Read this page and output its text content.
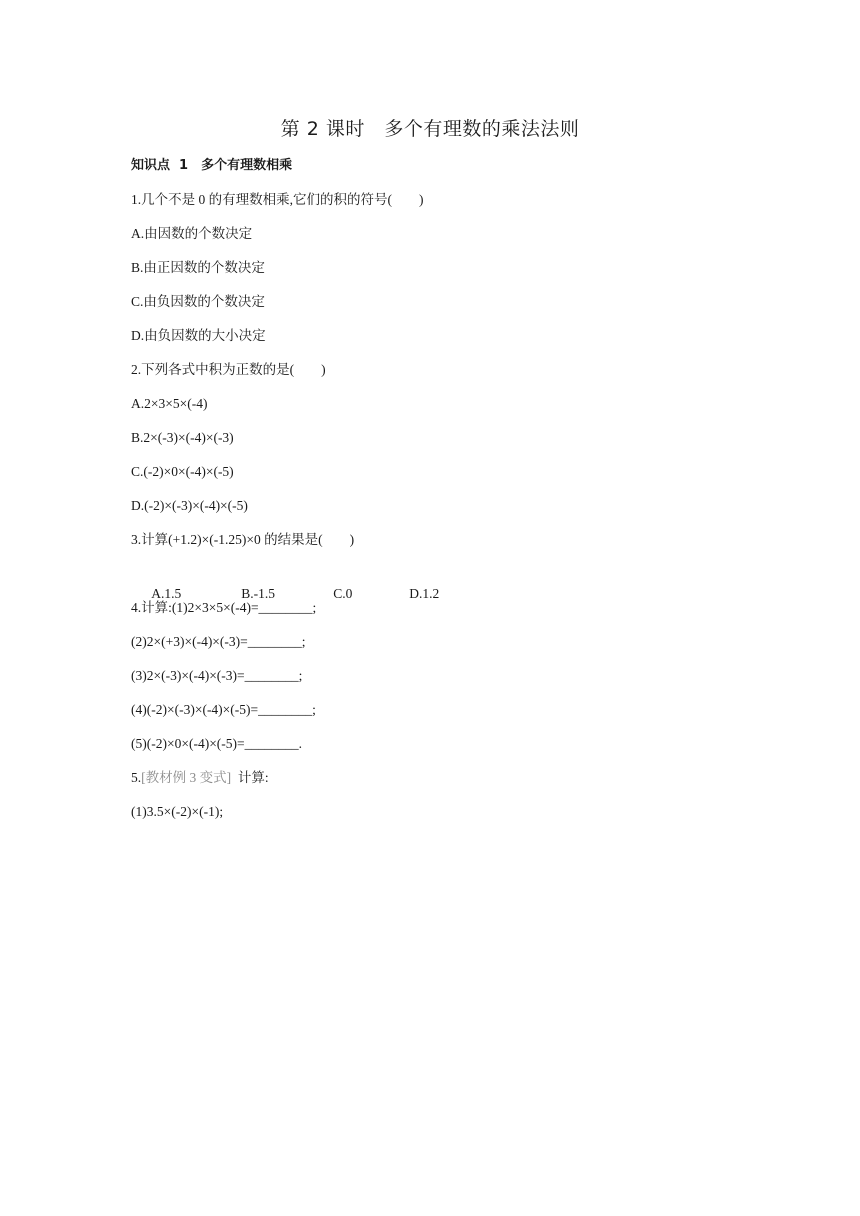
第 2 课时　多个有理数的乘法法则
知识点  1　多个有理数相乘
1.几个不是 0 的有理数相乘,它们的积的符号(　　)
A.由因数的个数决定
B.由正因数的个数决定
C.由负因数的个数决定
D.由负因数的大小决定
2.下列各式中积为正数的是(　　)
A.2×3×5×(-4)
B.2×(-3)×(-4)×(-3)
C.(-2)×0×(-4)×(-5)
D.(-2)×(-3)×(-4)×(-5)
3.计算(+1.2)×(-1.25)×0 的结果是(　　)

A.1.5	B.-1.5	C.0	D.1.2

4.计算:(1)2×3×5×(-4)=________;
(2)2×(+3)×(-4)×(-3)=________;
(3)2×(-3)×(-4)×(-3)=________;
(4)(-2)×(-3)×(-4)×(-5)=________;
(5)(-2)×0×(-4)×(-5)=________.
5.[教材例 3 变式]  计算:
(1)3.5×(-2)×(-1);
